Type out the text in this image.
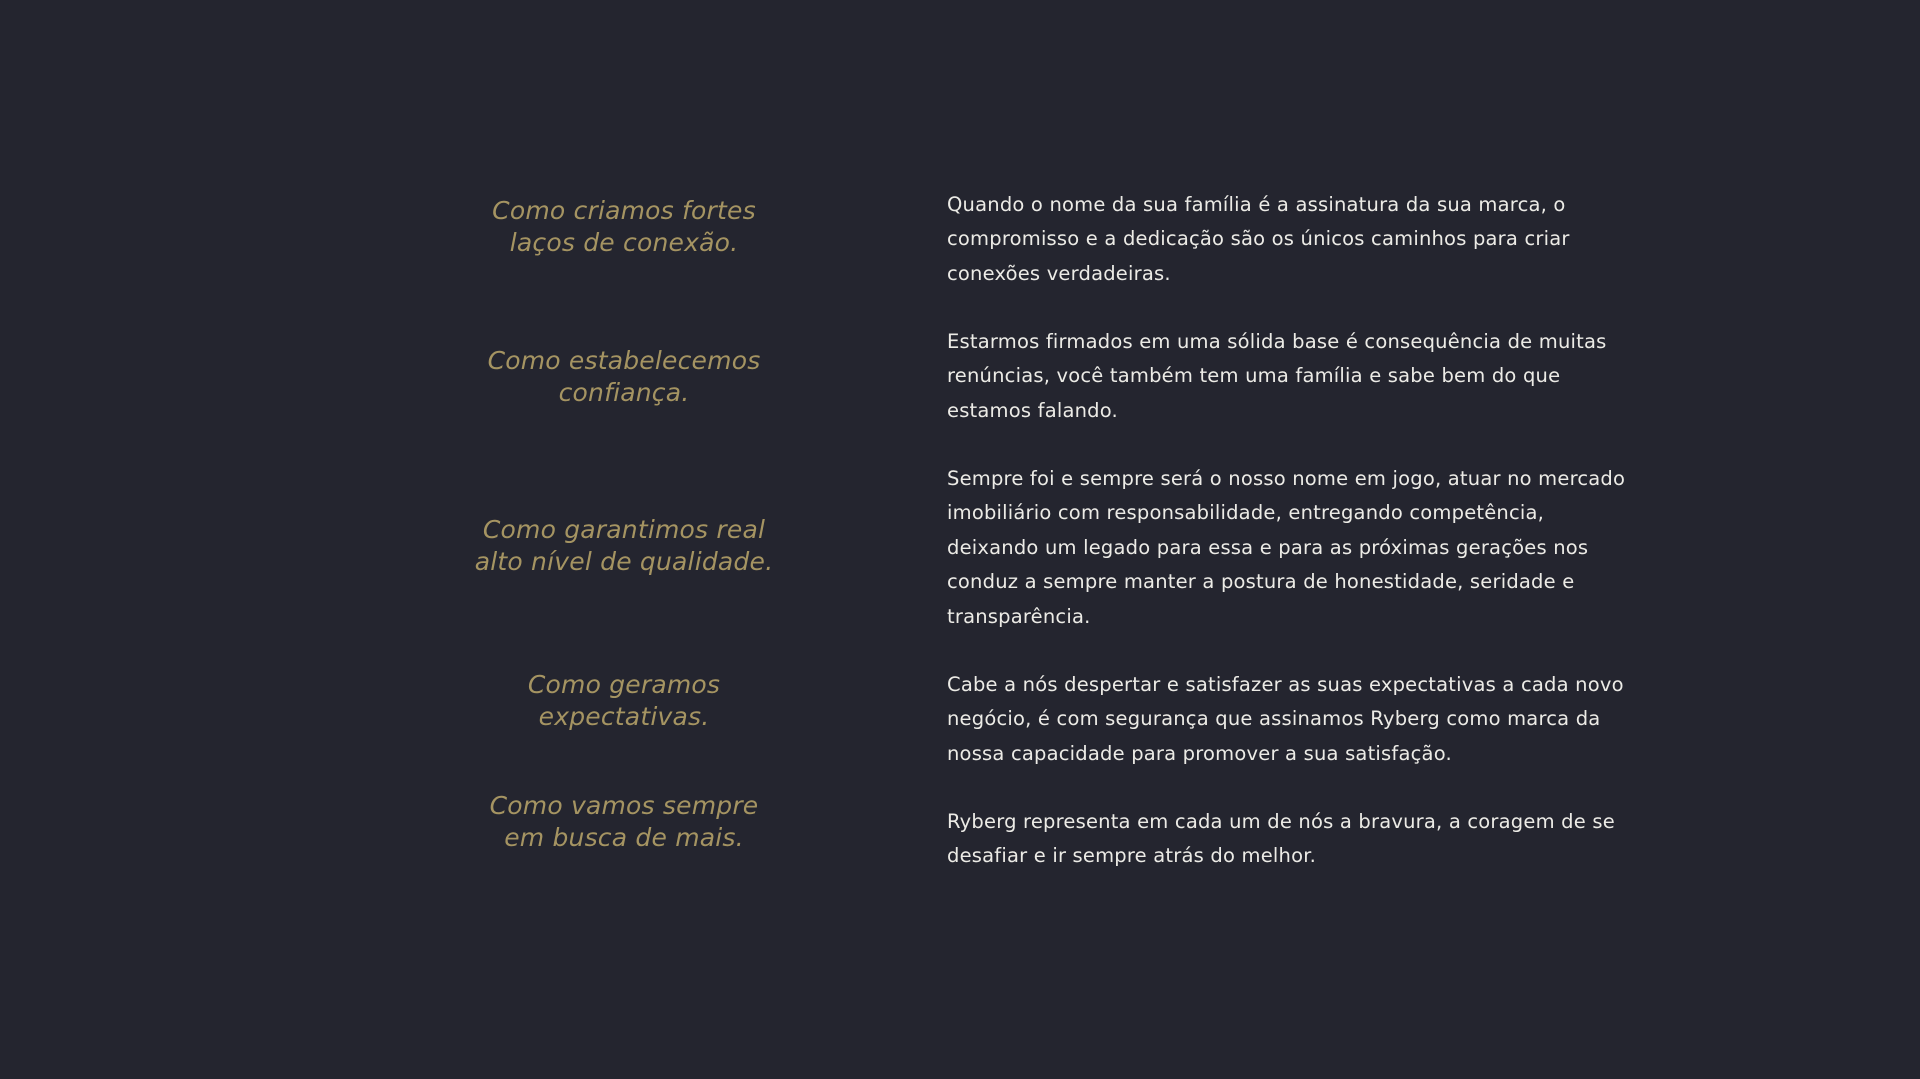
Como criamos fortes
laços de conexão.
Quando o nome da sua família é a assinatura da sua marca, o
compromisso e a dedicação são os únicos caminhos para criar
conexões verdadeiras.
Como estabelecemos
confiança.
Estarmos firmados em uma sólida base é consequência de muitas
renúncias, você também tem uma família e sabe bem do que
estamos falando.
Como garantimos real
alto nível de qualidade.
Sempre foi e sempre será o nosso nome em jogo, atuar no mercado
imobiliário com responsabilidade, entregando competência,
deixando um legado para essa e para as próximas gerações nos
conduz a sempre manter a postura de honestidade, seridade e
transparência.
Como geramos
expectativas.
Cabe a nós despertar e satisfazer as suas expectativas a cada novo
negócio, é com segurança que assinamos Ryberg como marca da
nossa capacidade para promover a sua satisfação.
Como vamos sempre
em busca de mais.
Ryberg representa em cada um de nós a bravura, a coragem de se
desafiar e ir sempre atrás do melhor.
